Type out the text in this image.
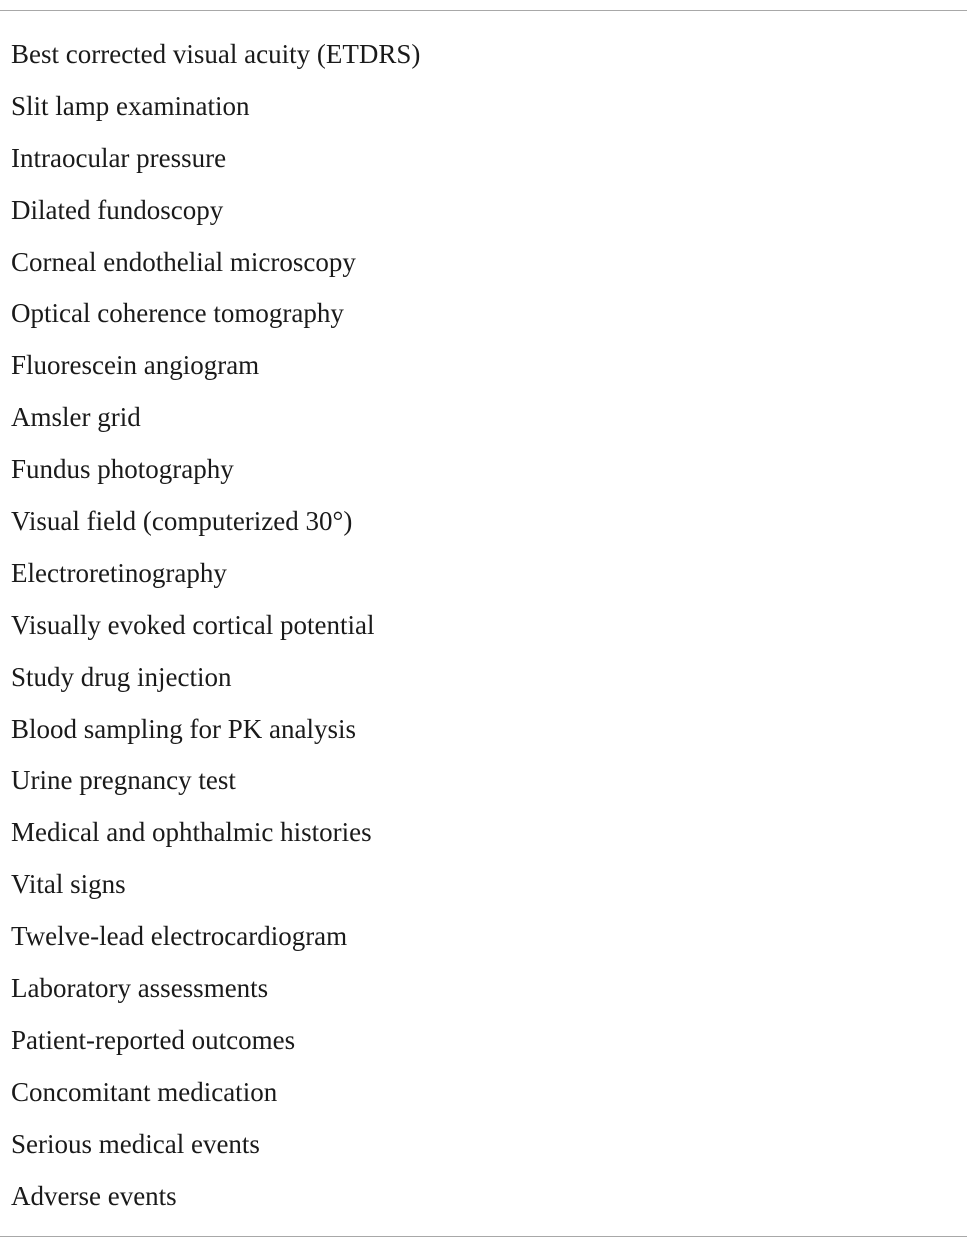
Best corrected visual acuity (ETDRS)
Slit lamp examination
Intraocular pressure
Dilated fundoscopy
Corneal endothelial microscopy
Optical coherence tomography
Fluorescein angiogram
Amsler grid
Fundus photography
Visual field (computerized 30°)
Electroretinography
Visually evoked cortical potential
Study drug injection
Blood sampling for PK analysis
Urine pregnancy test
Medical and ophthalmic histories
Vital signs
Twelve-lead electrocardiogram
Laboratory assessments
Patient-reported outcomes
Concomitant medication
Serious medical events
Adverse events
